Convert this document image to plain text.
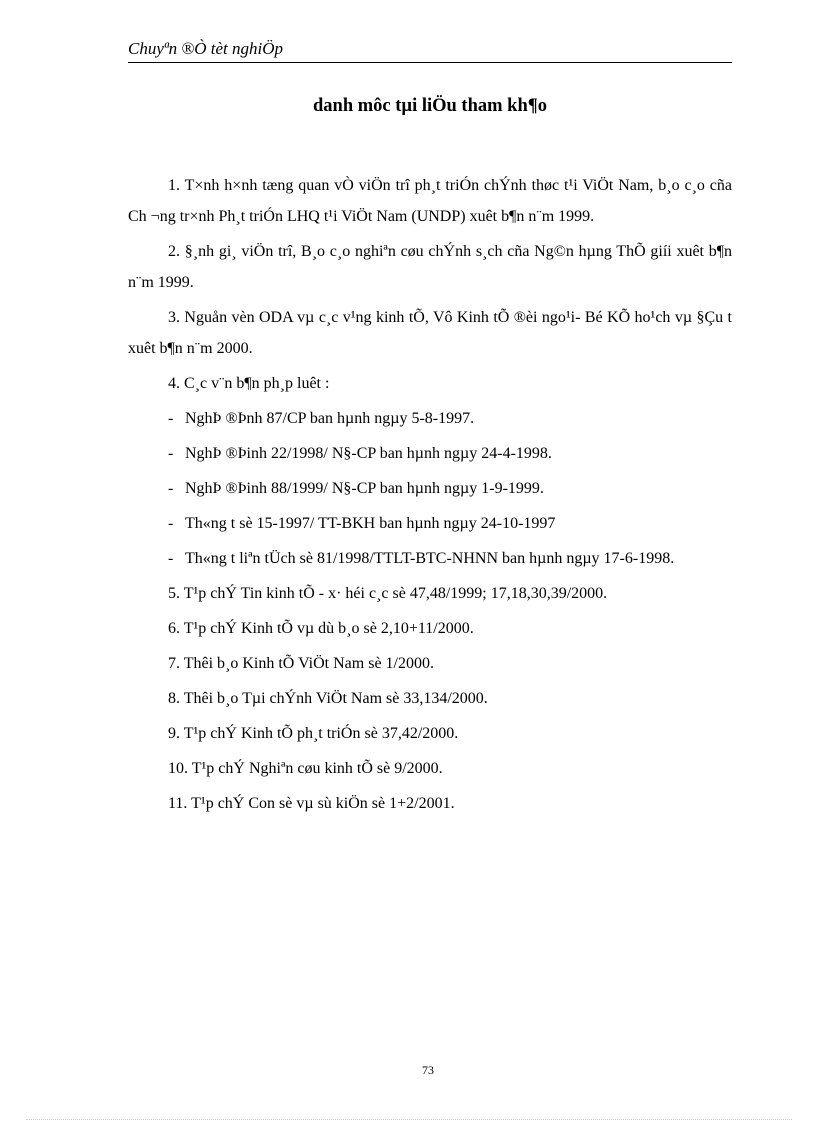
Chuyªn ®Ò tèt nghiÖp
danh môc tµi liÖu tham kh¶o

1. T×nh h×nh tæng quan vÒ viÖn trî ph¸t triÓn chÝnh thøc t¹i ViÖt Nam, b¸o c¸o cña Ch ¬ng tr×nh Ph¸t triÓn LHQ t¹i ViÖt Nam (UNDP) xuêt b¶n n¨m 1999.

2. §¸nh gi¸ viÖn trî, B¸o c¸o nghiªn cøu chÝnh s¸ch cña Ng©n hµng ThÕ giíi xuêt b¶n n¨m 1999.

3. Nguån vèn ODA vµ c¸c v¹ng kinh tÕ, Vô Kinh tÕ ®èi ngo¹i- Bé KÕ ho¹ch vµ §Çu t xuêt b¶n n¨m 2000.

4. C¸c v¨n b¶n ph¸p luêt :

- NghÞ ®Þnh 87/CP ban hµnh ngµy 5-8-1997.

- NghÞ ®Þinh 22/1998/ N§-CP ban hµnh ngµy 24-4-1998.

- NghÞ ®Þinh 88/1999/ N§-CP ban hµnh ngµy 1-9-1999.

- Th«ng t sè 15-1997/ TT-BKH ban hµnh ngµy 24-10-1997

- Th«ng t liªn tÜch sè 81/1998/TTLT-BTC-NHNN ban hµnh ngµy 17-6-1998.

5. T¹p chÝ Tin kinh tÕ - x· héi c¸c sè 47,48/1999; 17,18,30,39/2000.

6. T¹p chÝ Kinh tÕ vµ dù b¸o sè 2,10+11/2000.

7. Thêi b¸o Kinh tÕ ViÖt Nam sè 1/2000.

8. Thêi b¸o Tµi chÝnh ViÖt Nam sè 33,134/2000.

9. T¹p chÝ Kinh tÕ ph¸t triÓn sè 37,42/2000.

10. T¹p chÝ Nghiªn cøu kinh tÕ sè 9/2000.

11. T¹p chÝ Con sè vµ sù kiÖn sè 1+2/2001.

73
